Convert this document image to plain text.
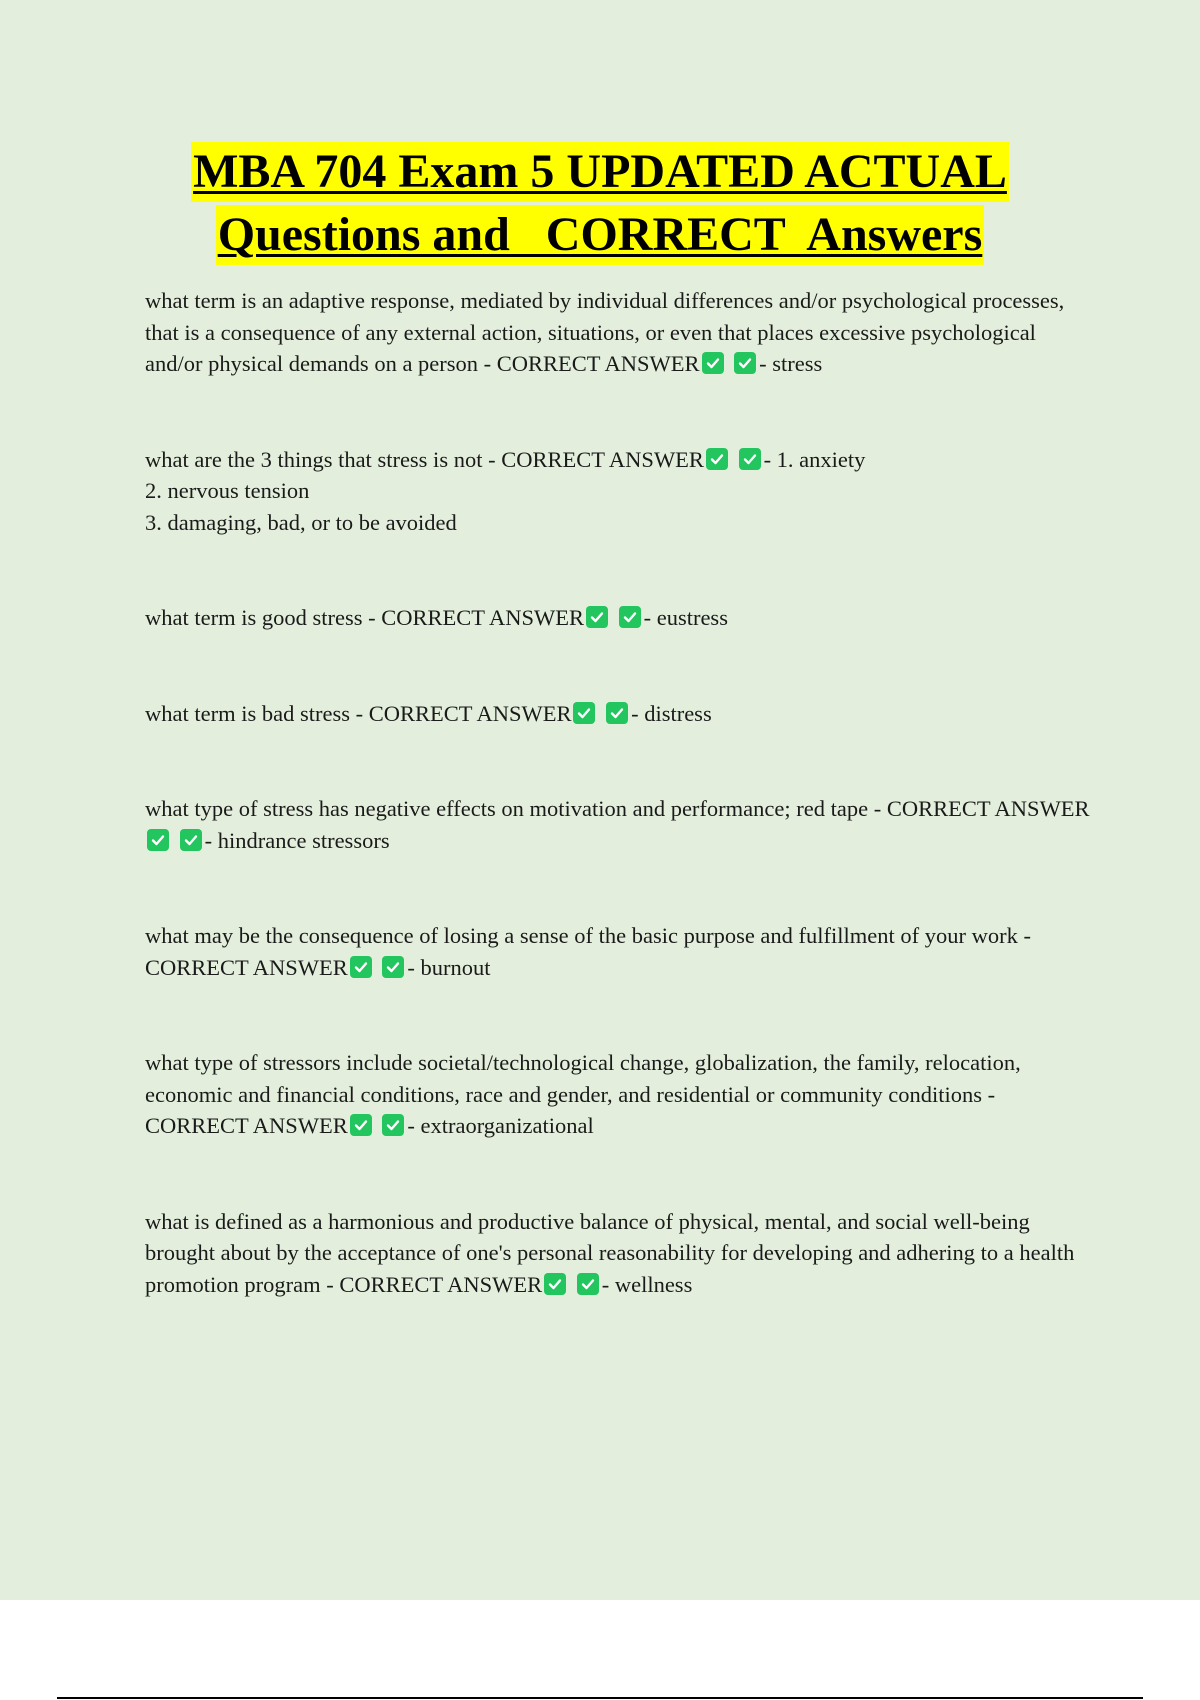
MBA 704 Exam 5 UPDATED ACTUAL
Questions and   CORRECT  Answers

what term is an adaptive response, mediated by individual differences and/or psychological processes, that is a consequence of any external action, situations, or even that places excessive psychological and/or physical demands on a person - CORRECT ANSWER
	- stress

what are the 3 things that stress is not - CORRECT ANSWER
	- 1. anxiety

2. nervous tension

3. damaging, bad, or to be avoided

what term is good stress - CORRECT ANSWER
	- eustress

what term is bad stress - CORRECT ANSWER
	- distress

what type of stress has negative effects on motivation and performance; red tape - CORRECT ANSWER

- hindrance stressors

what may be the consequence of losing a sense of the basic purpose and fulfillment of your work - CORRECT ANSWER
	- burnout

what type of stressors include societal/technological change, globalization, the family, relocation, economic and financial conditions, race and gender, and residential or community conditions - CORRECT ANSWER
	- extraorganizational

what is defined as a harmonious and productive balance of physical, mental, and social well-being brought about by the acceptance of one's personal reasonability for developing and adhering to a health promotion program - CORRECT ANSWER
	- wellness
